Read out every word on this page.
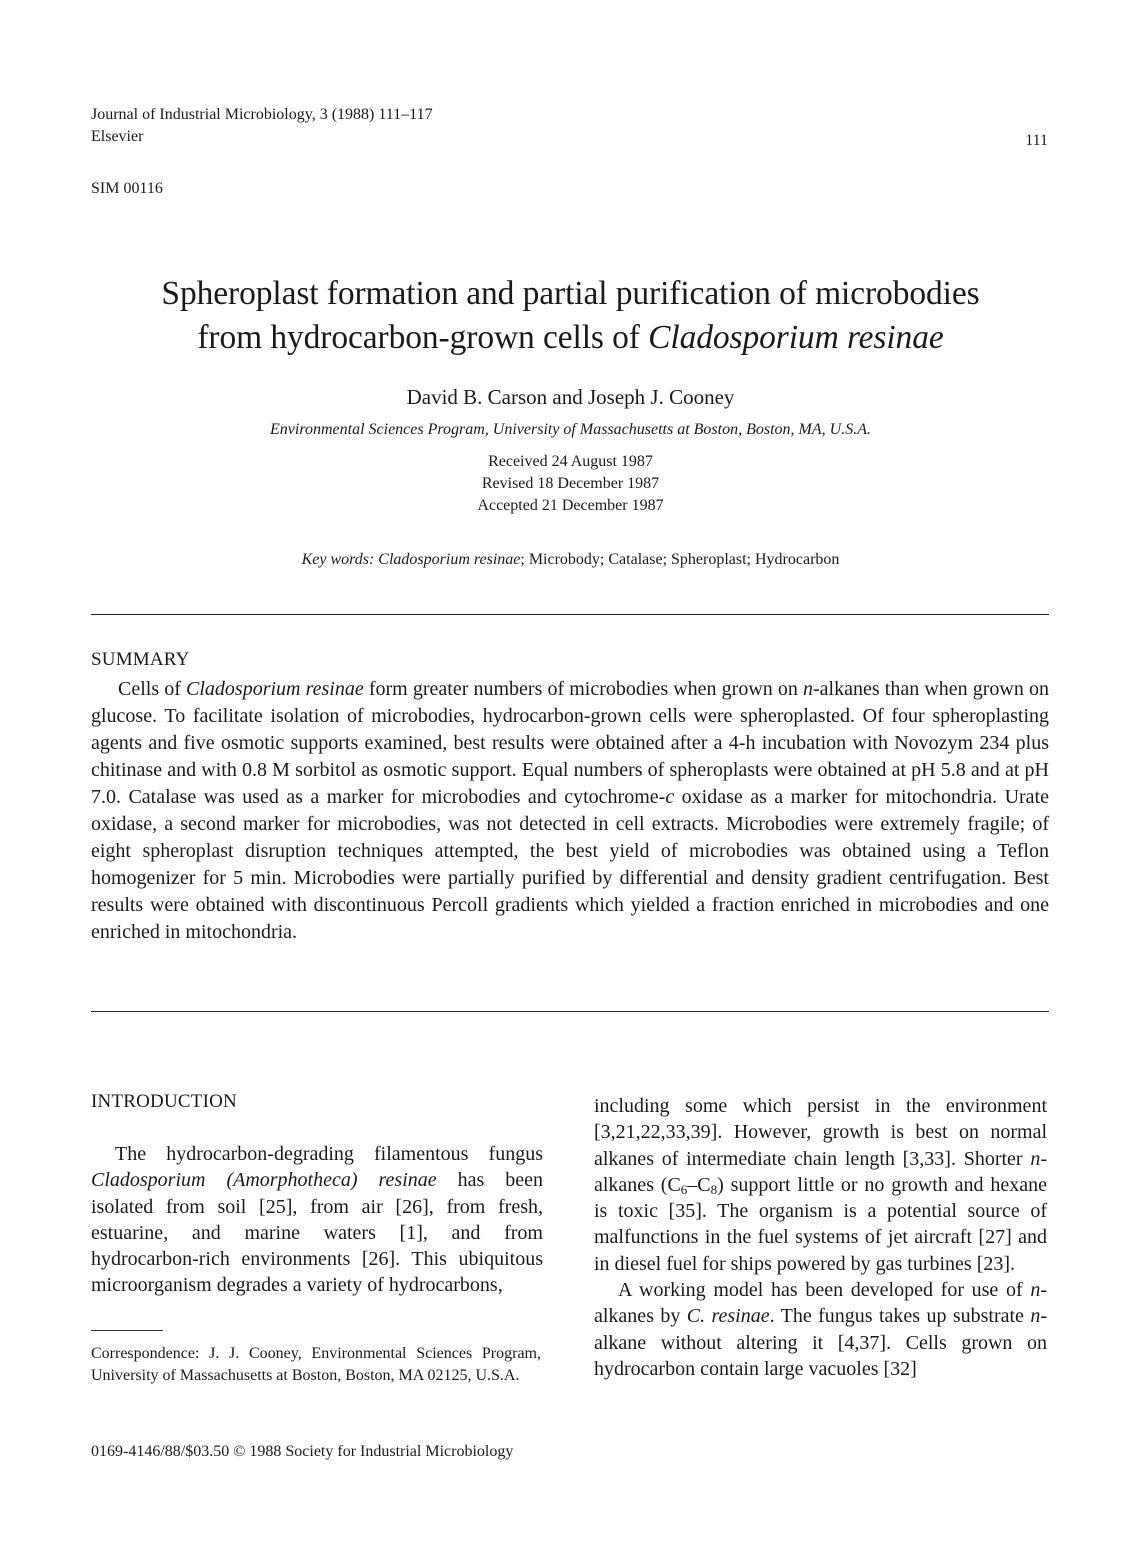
Journal of Industrial Microbiology, 3 (1988) 111–117
Elsevier	111
SIM 00116
Spheroplast formation and partial purification of microbodies
from hydrocarbon-grown cells of Cladosporium resinae
David B. Carson and Joseph J. Cooney
Environmental Sciences Program, University of Massachusetts at Boston, Boston, MA, U.S.A.
Received 24 August 1987
Revised 18 December 1987
Accepted 21 December 1987
Key words: Cladosporium resinae; Microbody; Catalase; Spheroplast; Hydrocarbon
SUMMARY

Cells of Cladosporium resinae form greater numbers of microbodies when grown on n-alkanes than when grown on glucose. To facilitate isolation of microbodies, hydrocarbon-grown cells were spheroplasted. Of four spheroplasting agents and five osmotic supports examined, best results were obtained after a 4-h incubation with Novozym 234 plus chitinase and with 0.8 M sorbitol as osmotic support. Equal numbers of spheroplasts were obtained at pH 5.8 and at pH 7.0. Catalase was used as a marker for microbodies and cytochrome-c oxidase as a marker for mitochondria. Urate oxidase, a second marker for microbodies, was not detected in cell extracts. Microbodies were extremely fragile; of eight spheroplast disruption techniques attempted, the best yield of microbodies was obtained using a Teflon homogenizer for 5 min. Microbodies were partially purified by differential and density gradient centrifugation. Best results were obtained with discontinuous Percoll gradients which yielded a fraction enriched in microbodies and one enriched in mitochondria.

INTRODUCTION

The hydrocarbon-degrading filamentous fungus Cladosporium (Amorphotheca) resinae has been isolated from soil [25], from air [26], from fresh, estuarine, and marine waters [1], and from hydrocarbon-rich environments [26]. This ubiquitous microorganism degrades a variety of hydrocarbons,

including some which persist in the environment [3,21,22,33,39]. However, growth is best on normal alkanes of intermediate chain length [3,33]. Shorter n-alkanes $(C_6-C_8)$ support little or no growth and hexane is toxic [35]. The organism is a potential source of malfunctions in the fuel systems of jet aircraft [27] and in diesel fuel for ships powered by gas turbines [23].

A working model has been developed for use of n-alkanes by C. resinae. The fungus takes up substrate n-alkane without altering it [4,37]. Cells grown on hydrocarbon contain large vacuoles [32]

Correspondence: J. J. Cooney, Environmental Sciences Program, University of Massachusetts at Boston, Boston, MA 02125, U.S.A.

0169-4146/88/$03.50 © 1988 Society for Industrial Microbiology
